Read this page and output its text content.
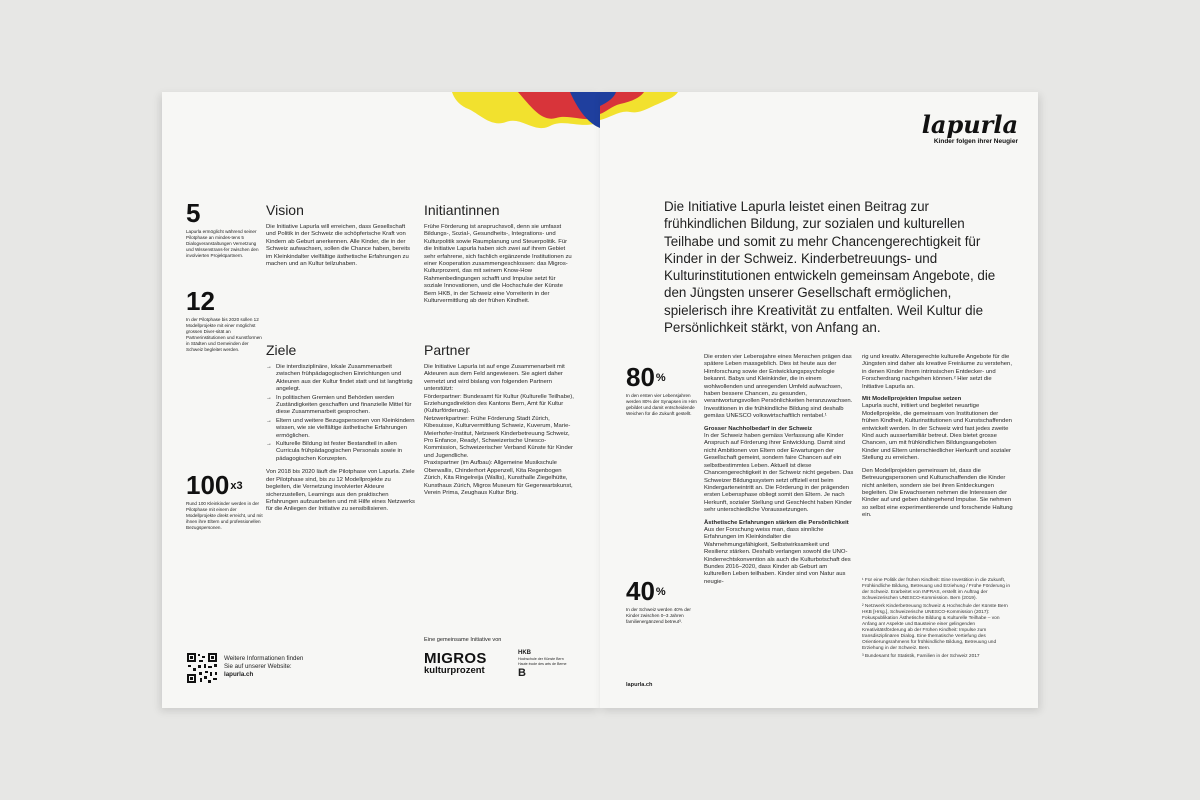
5
Lapurla ermöglicht während seiner Pilotphase an mindes-tens 5 Dialogveranstaltungen Vernetzung und Wissenstrans-fer zwischen den involvierten Projektpartnern.
12
In der Pilotphase bis 2020 sollen 12 Modellprojekte mit einer möglichst grossen Diver-sität an Partnerinstitutionen und Kunstformen in Städten und Gemeinden der Schweiz begleitet werden.
$100^{x3}$
Rund 100 Kleinkinder werden in der Pilotphase mit einem der Modellprojekte direkt erreicht, und mit ihnen ihre Eltern und professionellen Bezugspersonen.
Vision
Die Initiative Lapurla will erreichen, dass Gesellschaft und Politik in der Schweiz die schöpferische Kraft von Kindern ab Geburt anerkennen. Alle Kinder, die in der Schweiz aufwachsen, sollen die Chance haben, bereits im Kleinkindalter vielfältige ästhetische Erfahrungen zu machen und an Kultur teilzuhaben.
Ziele
→ Die interdisziplinäre, lokale Zusammenarbeit zwischen frühpädagogischen Einrichtungen und Akteuren aus der Kultur findet statt und ist langfristig angelegt.
→ In politischen Gremien und Behörden werden Zuständigkeiten geschaffen und finanzielle Mittel für diese Zusammenarbeit gesprochen.
→ Eltern und weitere Bezugspersonen von Kleinkindern wissen, wie sie vielfältige ästhetische Erfahrungen ermöglichen.
→ Kulturelle Bildung ist fester Bestandteil in allen Curricula frühpädagogischen Personals sowie in pädagogischen Konzepten.

Von 2018 bis 2020 läuft die Pilotphase von Lapurla. Ziele der Pilotphase sind, bis zu 12 Modellprojekte zu begleiten, die Vernetzung involvierter Akteure sicherzustellen, Learnings aus den praktischen Erfahrungen aufzuarbeiten und mit Hilfe eines Netzwerks für die Anliegen der Initiative zu sensibilisieren.

Initiantinnen
Frühe Förderung ist anspruchsvoll, denn sie umfasst Bildungs-, Sozial-, Gesundheits-, Integrations- und Kulturpolitik sowie Raumplanung und Steuerpolitik. Für die Initiative Lapurla haben sich zwei auf ihrem Gebiet sehr erfahrene, sich fachlich ergänzende Institutionen zu einer Kooperation zusammengeschlossen: das Migros-Kulturprozent, das mit seinem Know-How Rahmenbedingungen schafft und Impulse setzt für soziale Innovationen, und die Hochschule der Künste Bern HKB, in der Schweiz eine Vorreiterin in der Kulturvermittlung ab der frühen Kindheit.
Partner
Die Initiative Lapurla ist auf enge Zusammenarbeit mit Akteuren aus dem Feld angewiesen. Sie agiert daher vernetzt und wird bislang von folgenden Partnern unterstützt:
Förderpartner: Bundesamt für Kultur (Kulturelle Teilhabe), Erziehungsdirektion des Kantons Bern, Amt für Kultur (Kulturförderung).
Netzwerkpartner: Frühe Förderung Stadt Zürich, Kibesuisse, Kulturvermittlung Schweiz, Kuverum, Marie-Meierhofer-Institut, Netzwerk Kinderbetreuung Schweiz, Pro Enfance, Ready!, Schweizerische Unesco-Kommission, Schweizerischer Verband Künste für Kinder und Jugendliche.
Praxispartner (im Aufbau): Allgemeine Musikschule Oberwallis, Chinderhort Appenzell, Kita Regenbogen Zürich, Kita Ringelreija (Wallis), Kunsthalle Ziegelhütte, Kunsthaus Zürich, Migros Museum für Gegenwartskunst, Verein Prima, Zeughaus Kultur Brig.
Weitere Informationen finden Sie auf unserer Website: lapurla.ch
Eine gemeinsame Initiative von
MIGROS
kulturprozent
HKB
Hochschule der Künste Bern
Haute école des arts de Berne
B
lapurla
Kinder folgen ihrer Neugier
Die Initiative Lapurla leistet einen Beitrag zur frühkindlichen Bildung, zur sozialen und kulturellen Teilhabe und somit zu mehr Chancengerechtigkeit für Kinder in der Schweiz. Kinderbetreuungs- und Kulturinstitutionen entwickeln gemeinsam Angebote, die den Jüngsten unserer Gesellschaft ermöglichen, spielerisch ihre Kreativität zu entfalten. Weil Kultur die Persönlichkeit stärkt, von Anfang an.
80%
In den ersten vier Lebensjahren werden 80% der Synapsen im Hirn gebildet und damit entscheidende Weichen für die Zukunft gestellt.
40%
In der Schweiz werden 40% der Kinder zwischen 0–3 Jahren familienergänzend betreut³.

Die ersten vier Lebensjahre eines Menschen prägen das spätere Leben massgeblich. Dies ist heute aus der Hirnforschung sowie der Entwicklungspsychologie bekannt. Babys und Kleinkinder, die in einem wohlwollenden und anregenden Umfeld aufwachsen, haben bessere Chancen, zu gesunden, verantwortungsvollen Persönlichkeiten heranzuwachsen. Investitionen in die frühkindliche Bildung sind deshalb gemäss UNESCO volkswirtschaftlich rentabel.¹

Grosser Nachholbedarf in der Schweiz

In der Schweiz haben gemäss Verfassung alle Kinder Anspruch auf Förderung ihrer Entwicklung. Damit sind nicht Ambitionen von Eltern oder Erwartungen der Gesellschaft gemeint, sondern faire Chancen auf ein selbstbestimmtes Leben. Aktuell ist diese Chancengerechtigkeit in der Schweiz nicht gegeben. Das Schweizer Bildungssystem setzt offiziell erst beim Kindergarteneintritt an. Die Förderung in der prägenden ersten Lebensphase obliegt somit den Eltern. Je nach Herkunft, sozialer Stellung und Geschlecht haben Kinder sehr unterschiedliche Voraussetzungen.

Ästhetische Erfahrungen stärken die Persönlichkeit

Aus der Forschung weiss man, dass sinnliche Erfahrungen im Kleinkindalter die Wahrnehmungsfähigkeit, Selbstwirksamkeit und Resilienz stärken. Deshalb verlangen sowohl die UNO-Kinderrechtskonvention als auch die Kulturbotschaft des Bundes 2016–2020, dass Kinder ab Geburt am kulturellen Leben teilhaben. Kinder sind von Natur aus neugie-

rig und kreativ. Altersgerechte kulturelle Angebote für die Jüngsten sind daher als kreative Freiräume zu verstehen, in denen Kinder ihrem intrinsischen Entdecker- und Forscherdrang nachgehen können.² Hier setzt die Initiative Lapurla an.

Mit Modellprojekten Impulse setzen

Lapurla sucht, initiiert und begleitet neuartige Modellprojekte, die gemeinsam von Institutionen der frühen Kindheit, Kulturinstitutionen und Kunstschaffenden entwickelt werden. In der Schweiz wird fast jedes zweite Kind auch ausserfamiliär betreut. Dies bietet grosse Chancen, um mit frühkindlichen Bildungsangeboten Kinder und Eltern unterschiedlicher Herkunft und sozialer Stellung zu erreichen.

Den Modellprojekten gemeinsam ist, dass die Betreuungspersonen und Kulturschaffenden die Kinder nicht anleiten, sondern sie bei ihren Entdeckungen begleiten. Die Erwachsenen nehmen die Interessen der Kinder auf und geben dahingehend Impulse. Sie nehmen so selbst eine experimentierende und forschende Haltung ein.

¹ Für eine Politik der frühen Kindheit: Eine Investition in die Zukunft, Frühkindliche Bildung, Betreuung und Erziehung / Frühe Förderung in der Schweiz. Erarbeitet von INFRAS, erstellt im Auftrag der Schweizerischen UNESCO-Kommission. Bern (2019).

² Netzwerk Kinderbetreuung Schweiz & Hochschule der Künste Bern HKB [Hrsg.], Schweizerische UNESCO-Kommission (2017): Fokuspublikation Ästhetische Bildung & Kulturelle Teilhabe – von Anfang an! Aspekte und Bausteine einer gelingenden Kreativitätsförderung ab der Frühen Kindheit: Impulse zum transdisziplinären Dialog. Eine thematische Vertiefung des Orientierungsrahmens für frühkindliche Bildung, Betreuung und Erziehung in der Schweiz. Bern.

³ Bundesamt für Statistik, Familien in der Schweiz 2017

lapurla.ch
